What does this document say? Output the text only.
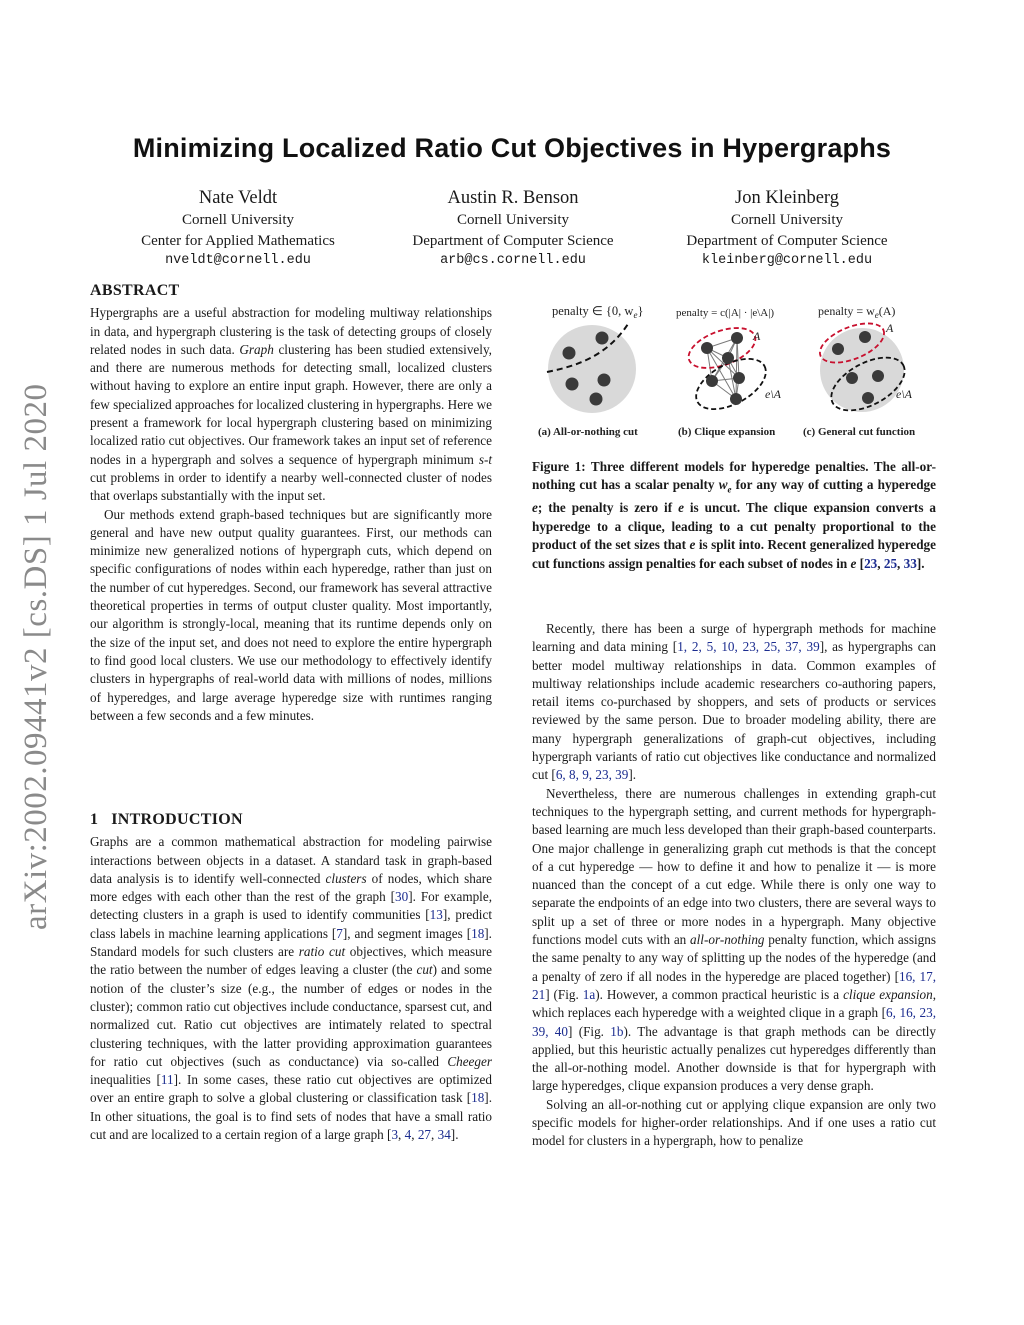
arXiv:2002.09441v2 [cs.DS] 1 Jul 2020
Minimizing Localized Ratio Cut Objectives in Hypergraphs
Nate Veldt
Cornell University
Center for Applied Mathematics
nveldt@cornell.edu
Austin R. Benson
Cornell University
Department of Computer Science
arb@cs.cornell.edu
Jon Kleinberg
Cornell University
Department of Computer Science
kleinberg@cornell.edu
ABSTRACT

Hypergraphs are a useful abstraction for modeling multiway relationships in data, and hypergraph clustering is the task of detecting groups of closely related nodes in such data. Graph clustering has been studied extensively, and there are numerous methods for detecting small, localized clusters without having to explore an entire input graph. However, there are only a few specialized approaches for localized clustering in hypergraphs. Here we present a framework for local hypergraph clustering based on minimizing localized ratio cut objectives. Our framework takes an input set of reference nodes in a hypergraph and solves a sequence of hypergraph minimum s-t cut problems in order to identify a nearby well-connected cluster of nodes that overlaps substantially with the input set.

Our methods extend graph-based techniques but are significantly more general and have new output quality guarantees. First, our methods can minimize new generalized notions of hypergraph cuts, which depend on specific configurations of nodes within each hyperedge, rather than just on the number of cut hyperedges. Second, our framework has several attractive theoretical properties in terms of output cluster quality. Most importantly, our algorithm is strongly-local, meaning that its runtime depends only on the size of the input set, and does not need to explore the entire hypergraph to find good local clusters. We use our methodology to effectively identify clusters in hypergraphs of real-world data with millions of nodes, millions of hyperedges, and large average hyperedge size with runtimes ranging between a few seconds and a few minutes.

1   INTRODUCTION

Graphs are a common mathematical abstraction for modeling pairwise interactions between objects in a dataset. A standard task in graph-based data analysis is to identify well-connected clusters of nodes, which share more edges with each other than the rest of the graph [30]. For example, detecting clusters in a graph is used to identify communities [13], predict class labels in machine learning applications [7], and segment images [18]. Standard models for such clusters are ratio cut objectives, which measure the ratio between the number of edges leaving a cluster (the cut) and some notion of the cluster’s size (e.g., the number of edges or nodes in the cluster); common ratio cut objectives include conductance, sparsest cut, and normalized cut. Ratio cut objectives are intimately related to spectral clustering techniques, with the latter providing approximation guarantees for ratio cut objectives (such as conductance) via so-called Cheeger inequalities [11]. In some cases, these ratio cut objectives are optimized over an entire graph to solve a global clustering or classification task [18]. In other situations, the goal is to find sets of nodes that have a small ratio cut and are localized to a certain region of a large graph [3, 4, 27, 34].

penalty ∈ {0, $w_e$}	penalty = c(|A| · |e\A|)	penalty = $w_e(A)$
A
e\A
A
e\A
(a) All-or-nothing cut	(b) Clique expansion	(c) General cut function
Figure 1: Three different models for hyperedge penalties. The all-or-nothing cut has a scalar penalty $w_e$ for any way of cutting a hyperedge e; the penalty is zero if e is uncut. The clique expansion converts a hyperedge to a clique, leading to a cut penalty proportional to the product of the set sizes that e is split into. Recent generalized hyperedge cut functions assign penalties for each subset of nodes in e [23, 25, 33].

Recently, there has been a surge of hypergraph methods for machine learning and data mining [1, 2, 5, 10, 23, 25, 37, 39], as hypergraphs can better model multiway relationships in data. Common examples of multiway relationships include academic researchers co-authoring papers, retail items co-purchased by shoppers, and sets of products or services reviewed by the same person. Due to broader modeling ability, there are many hypergraph generalizations of graph-cut objectives, including hypergraph variants of ratio cut objectives like conductance and normalized cut [6, 8, 9, 23, 39].

Nevertheless, there are numerous challenges in extending graph-cut techniques to the hypergraph setting, and current methods for hypergraph-based learning are much less developed than their graph-based counterparts. One major challenge in generalizing graph cut methods is that the concept of a cut hyperedge — how to define it and how to penalize it — is more nuanced than the concept of a cut edge. While there is only one way to separate the endpoints of an edge into two clusters, there are several ways to split up a set of three or more nodes in a hypergraph. Many objective functions model cuts with an all-or-nothing penalty function, which assigns the same penalty to any way of splitting up the nodes of the hyperedge (and a penalty of zero if all nodes in the hyperedge are placed together) [16, 17, 21] (Fig. 1a). However, a common practical heuristic is a clique expansion, which replaces each hyperedge with a weighted clique in a graph [6, 16, 23, 39, 40] (Fig. 1b). The advantage is that graph methods can be directly applied, but this heuristic actually penalizes cut hyperedges differently than the all-or-nothing model. Another downside is that for hypergraph with large hyperedges, clique expansion produces a very dense graph.

Solving an all-or-nothing cut or applying clique expansion are only two specific models for higher-order relationships. And if one uses a ratio cut model for clusters in a hypergraph, how to penalize
